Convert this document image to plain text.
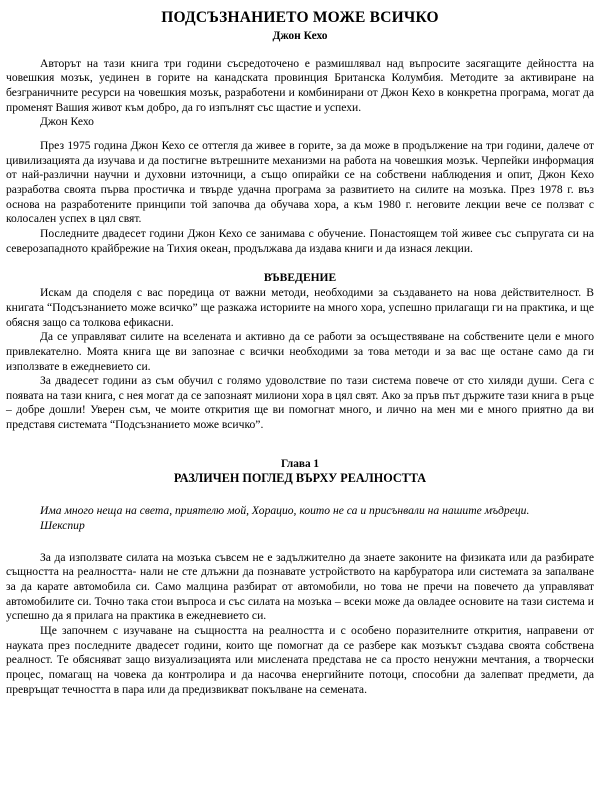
ПОДСЪЗНАНИЕТО МОЖЕ ВСИЧКО
Джон Кехо

Авторът на тази книга три години съсредоточено е размишлявал над въпросите засягащите дейността на човешкия мозък, уединен в горите на канадската провинция Британска Колумбия. Методите за активиране на безграничните ресурси на човешкия мозък, разработени и комбинирани от Джон Кехо в конкретна програма, могат да променят Вашия живот към добро, да го изпълнят със щастие и успехи.

Джон Кехо

През 1975 година Джон Кехо се оттегля да живее в горите, за да може в продължение на три години, далече от цивилизацията да изучава и да постигне вътрешните механизми на работа на човешкия мозък. Черпейки информация от най-различни научни и духовни източници, а също опирайки се на собствени наблюдения и опит, Джон Кехо разработва своята първа простичка и твърде удачна програма за развитието на силите на мозъка. През 1978 г. въз основа на разработените принципи той започва да обучава хора, а към 1980 г. неговите лекции вече се ползват с колосален успех в цял свят.

Последните двадесет години Джон Кехо се занимава с обучение. Понастоящем той живее със съпругата си на северозападното крайбрежие на Тихия океан, продължава да издава книги и да изнася лекции.

ВЪВЕДЕНИЕ

Искам да споделя с вас поредица от важни методи, необходими за създаването на нова действителност. В книгата “Подсъзнанието може всичко” ще разкажа историите на много хора, успешно прилагащи ги на практика, и ще обясня защо са толкова ефикасни.

Да се управляват силите на вселената и активно да се работи за осъществяване на собствените цели е много привлекателно. Моята книга ще ви запознае с всички необходими за това методи и за вас ще остане само да ги използвате в ежедневието си.

За двадесет години аз съм обучил с голямо удоволствие по тази система повече от сто хиляди души. Сега с появата на тази книга, с нея могат да се запознаят милиони хора в цял свят. Ако за пръв път държите тази книга в ръце – добре дошли! Уверен съм, че моите открития ще ви помогнат много, и лично на мен ми е много приятно да ви представя системата “Подсъзнанието може всичко”.

Глава 1
РАЗЛИЧЕН ПОГЛЕД ВЪРХУ РЕАЛНОСТТА

Има много неща на света, приятелю мой, Хорацио, които не са и присънвали на нашите мъдреци.

Шекспир

За да използвате силата на мозъка съвсем не е задължително да знаете законите на физиката или да разбирате същността на реалността- нали не сте длъжни да познавате устройството на карбуратора или системата за запалване за да карате автомобила си. Само малцина разбират от автомобили, но това не пречи на повечето да управляват автомобилите си. Точно така стои въпроса и със силата на мозъка – всеки може да овладее основите на тази система и успешно да я прилага на практика в ежедневието си.

Ще започнем с изучаване на същността на реалността и с особено поразителните открития, направени от науката през последните двадесет години, които ще помогнат да се разбере как мозъкът създава своята собствена реалност. Те обясняват защо визуализацията или мислената представа не са просто ненужни мечтания, а творчески процес, помагащ на човека да контролира и да насочва енергийните потоци, способни да залепват предмети, да превръщат течността в пара или да предизвикват покълване на семената.
